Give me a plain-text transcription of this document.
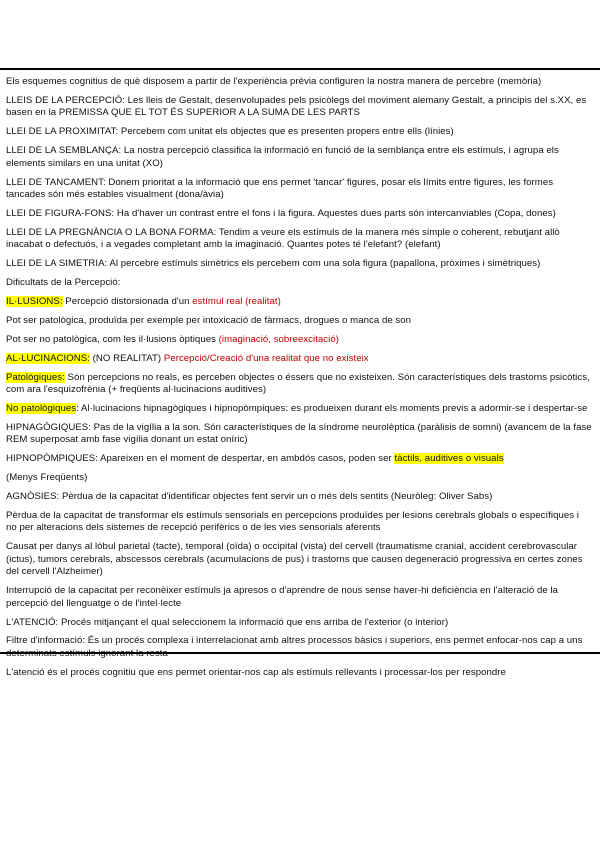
Els esquemes cognitius de què disposem a partir de l'experiència prèvia configuren la nostra manera de percebre (memòria)

LLEIS DE LA PERCEPCIÓ: Les lleis de Gestalt, desenvolupades pels psicòlegs del moviment alemany Gestalt, a principis del s.XX, es basen en la PREMISSA QUE EL TOT ÉS SUPERIOR A LA SUMA DE LES PARTS

LLEI DE LA PROXIMITAT: Percebem com unitat els objectes que es presenten propers entre ells (línies)

LLEI DE LA SEMBLANÇA: La nostra percepció classifica la informació en funció de la semblança entre els estímuls, i agrupa els elements similars en una unitat (XO)

LLEI DE TANCAMENT: Donem prioritat a la informació que ens permet 'tancar' figures, posar els límits entre figures, les formes tancades són més estables visualment (dona/àvia)

LLEI DE FIGURA-FONS: Ha d'haver un contrast entre el fons i la figura. Aquestes dues parts són intercanviables (Copa, dones)

LLEI DE LA PREGNÀNCIA O LA BONA FORMA: Tendim a veure els estímuls de la manera més simple o coherent, rebutjant allò inacabat o defectuós, i a vegades completant amb la imaginació. Quantes potes té l'elefant? (elefant)

LLEI DE LA SIMETRIA: Al percebre estímuls simètrics els percebem com una sola figura (papallona, pròximes i simètriques)

Dificultats de la Percepció:

IL·LUSIONS: Percepció distorsionada d'un estímul real (realitat)

Pot ser patològica, produïda per exemple per intoxicació de fàrmacs, drogues o manca de son

Pot ser no patològica, com les il·lusions òptiques (imaginació, sobreexcitació)

AL·LUCINACIONS: (NO REALITAT) Percepció/Creació d'una realitat que no existeix

Patològiques: Són percepcions no reals, es perceben objectes o éssers que no existeixen. Són característiques dels trastorns psicòtics, com ara l'esquizofrènia (+ freqüents al·lucinacions auditives)

No patològiques: Al·lucinacions hipnagògiques i hipnopòmpiques: es produeixen durant els moments previs a adormir-se i despertar-se

HIPNAGÒGIQUES: Pas de la vigília a la son. Són característiques de la síndrome neurolèptica (paràlisis de somni) (avancem de la fase REM superposat amb fase vigília donant un estat oníric)

HIPNOPÒMPIQUES: Apareixen en el moment de despertar, en ambdós casos, poden ser tàctils, auditives o visuals

(Menys Freqüents)

AGNÒSIES: Pèrdua de la capacitat d'identificar objectes fent servir un o més dels sentits (Neuròleg: Oliver Sabs)

Pèrdua de la capacitat de transformar els estímuls sensorials en percepcions produïdes per lesions cerebrals globals o específiques i no per alteracions dels sistemes de recepció perifèrics o de les vies sensorials aferents

Causat per danys al lòbul parietal (tacte), temporal (oïda) o occipital (vista) del cervell (traumatisme cranial, accident cerebrovascular (ictus), tumors cerebrals, abscessos cerebrals (acumulacions de pus) i trastorns que causen degeneració progressiva en certes zones del cervell l'Alzheimer)

Interrupció de la capacitat per reconèixer estímuls ja apresos o d'aprendre de nous sense haver-hi deficiència en l'alteració de la percepció del llenguatge o de l'intel·lecte

L'ATENCIÓ: Procés mitjançant el qual seleccionem la informació que ens arriba de l'exterior (o interior)

Filtre d'informació: És un procés complexa i interrelacionat amb altres processos bàsics i superiors, ens permet enfocar-nos cap a uns

L'atenció és el procés cognitiu que ens permet orientar-nos cap als estímuls rellevants i processar-los per respondre
